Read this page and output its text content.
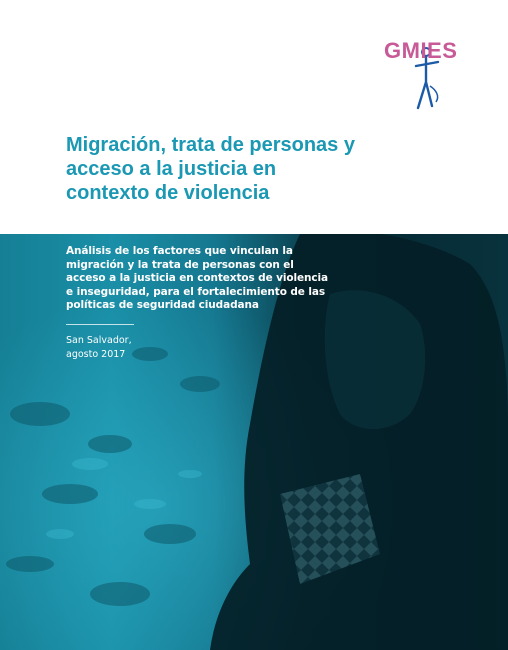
GMIES
Migración, trata de personas y acceso a la justicia en contexto de violencia

Análisis de los factores que vinculan la migración y la trata de personas con el acceso a la justicia en contextos de violencia e inseguridad, para el fortalecimiento de las políticas de seguridad ciudadana

San Salvador,
agosto 2017
